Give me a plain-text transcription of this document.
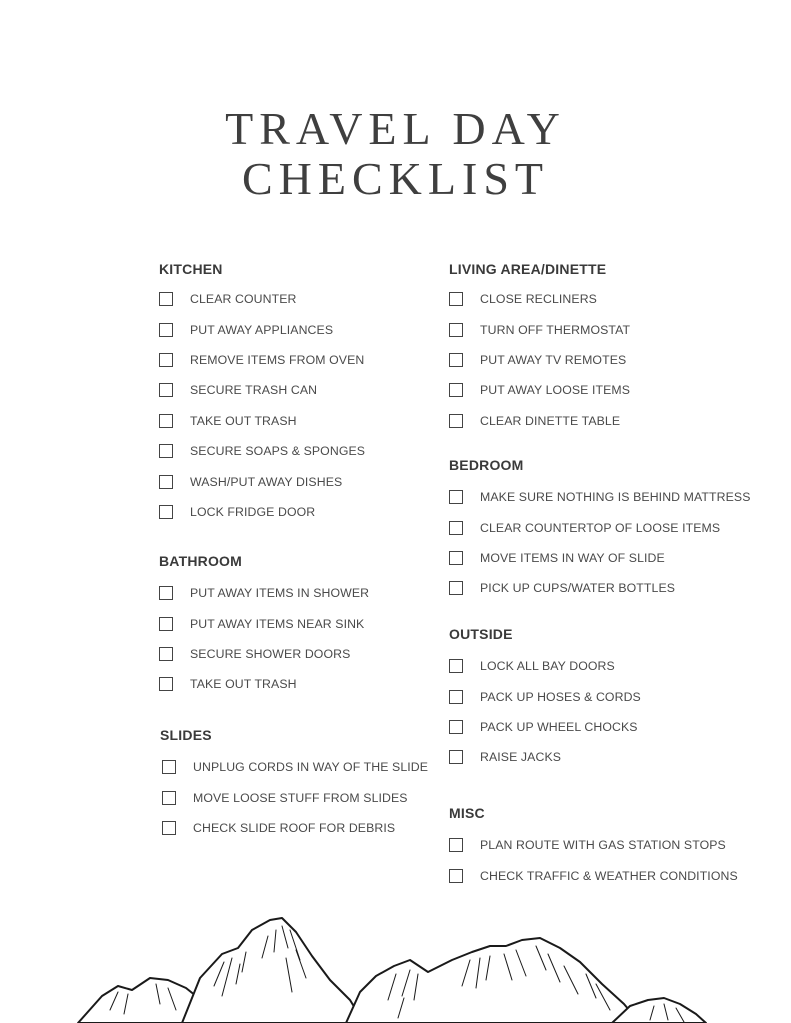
TRAVEL DAY
CHECKLIST
KITCHEN
CLEAR COUNTER
PUT AWAY APPLIANCES
REMOVE ITEMS FROM OVEN
SECURE TRASH CAN
TAKE OUT TRASH
SECURE SOAPS & SPONGES
WASH/PUT AWAY DISHES
LOCK FRIDGE DOOR
BATHROOM
PUT AWAY ITEMS IN SHOWER
PUT AWAY ITEMS NEAR SINK
SECURE SHOWER DOORS
TAKE OUT TRASH
SLIDES
UNPLUG CORDS IN WAY OF THE SLIDE
MOVE LOOSE STUFF FROM SLIDES
CHECK SLIDE ROOF FOR DEBRIS
LIVING AREA/DINETTE
CLOSE RECLINERS
TURN OFF THERMOSTAT
PUT AWAY TV REMOTES
PUT AWAY LOOSE ITEMS
CLEAR DINETTE TABLE
BEDROOM
MAKE SURE NOTHING IS BEHIND MATTRESS
CLEAR COUNTERTOP OF LOOSE ITEMS
MOVE ITEMS IN WAY OF SLIDE
PICK UP CUPS/WATER BOTTLES
OUTSIDE
LOCK ALL BAY DOORS
PACK UP HOSES & CORDS
PACK UP WHEEL CHOCKS
RAISE JACKS
MISC
PLAN ROUTE WITH GAS STATION STOPS
CHECK TRAFFIC & WEATHER CONDITIONS
